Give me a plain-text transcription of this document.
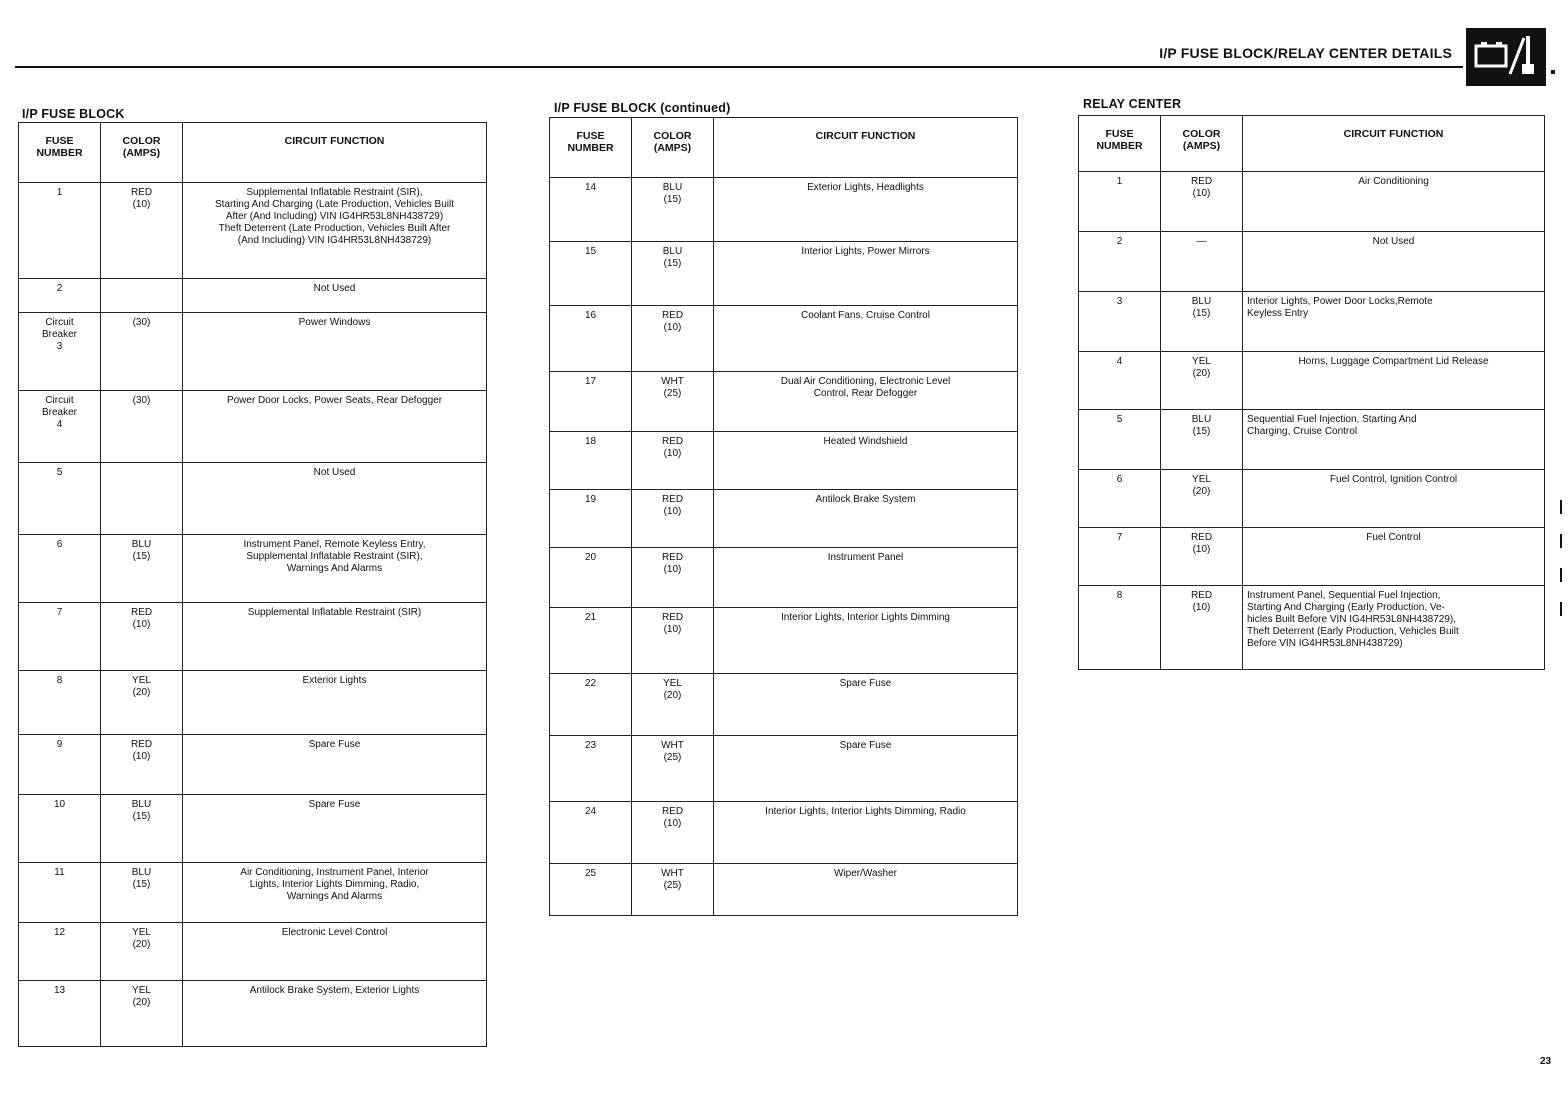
I/P FUSE BLOCK/RELAY CENTER DETAILS
I/P FUSE BLOCK
FUSE
NUMBER	COLOR
(AMPS)	CIRCUIT FUNCTION
1	RED
(10)	Supplemental Inflatable Restraint (SIR),
Starting And Charging (Late Production, Vehicles Built
After (And Including) VIN IG4HR53L8NH438729)
Theft Deterrent (Late Production, Vehicles Built After
(And Including) VIN IG4HR53L8NH438729)
2		Not Used
Circuit
Breaker
3	(30)	Power Windows
Circuit
Breaker
4	(30)	Power Door Locks, Power Seats, Rear Defogger
5		Not Used
6	BLU
(15)	Instrument Panel, Remote Keyless Entry,
Supplemental Inflatable Restraint (SIR),
Warnings And Alarms
7	RED
(10)	Supplemental Inflatable Restraint (SIR)
8	YEL
(20)	Exterior Lights
9	RED
(10)	Spare Fuse
10	BLU
(15)	Spare Fuse
11	BLU
(15)	Air Conditioning, Instrument Panel, Interior
Lights, Interior Lights Dimming, Radio,
Warnings And Alarms
12	YEL
(20)	Electronic Level Control
13	YEL
(20)	Antilock Brake System, Exterior Lights
I/P FUSE BLOCK (continued)
FUSE
NUMBER	COLOR
(AMPS)	CIRCUIT FUNCTION
14	BLU
(15)	Exterior Lights, Headlights
15	BLU
(15)	Interior Lights, Power Mirrors
16	RED
(10)	Coolant Fans, Cruise Control
17	WHT
(25)	Dual Air Conditioning, Electronic Level
Control, Rear Defogger
18	RED
(10)	Heated Windshield
19	RED
(10)	Antilock Brake System
20	RED
(10)	Instrument Panel
21	RED
(10)	Interior Lights, Interior Lights Dimming
22	YEL
(20)	Spare Fuse
23	WHT
(25)	Spare Fuse
24	RED
(10)	Interior Lights, Interior Lights Dimming, Radio
25	WHT
(25)	Wiper/Washer
RELAY CENTER
FUSE
NUMBER	COLOR
(AMPS)	CIRCUIT FUNCTION
1	RED
(10)	Air Conditioning
2	—	Not Used
3	BLU
(15)	Interior Lights, Power Door Locks,Remote
Keyless Entry
4	YEL
(20)	Horns, Luggage Compartment Lid Release
5	BLU
(15)	Sequential Fuel Injection, Starting And
Charging, Cruise Control
6	YEL
(20)	Fuel Control, Ignition Control
7	RED
(10)	Fuel Control
8	RED
(10)	Instrument Panel, Sequential Fuel Injection,
Starting And Charging (Early Production, Ve-
hicles Built Before VIN IG4HR53L8NH438729),
Theft Deterrent (Early Production, Vehicles Built
Before VIN IG4HR53L8NH438729)
23
